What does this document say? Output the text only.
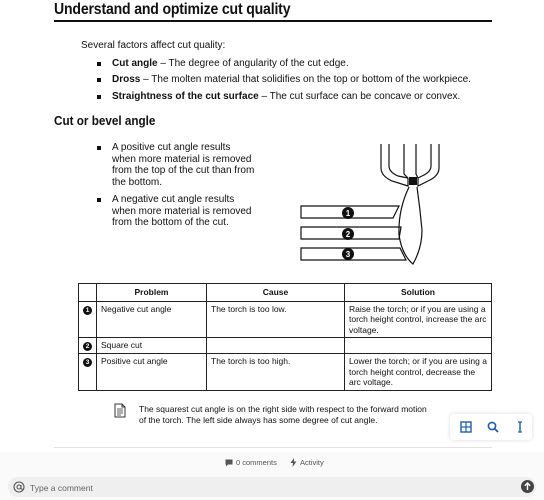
Understand and optimize cut quality
Several factors affect cut quality:
Cut angle – The degree of angularity of the cut edge.
Dross – The molten material that solidifies on the top or bottom of the workpiece.
Straightness of the cut surface – The cut surface can be concave or convex.
Cut or bevel angle
A positive cut angle results when more material is removed from the top of the cut than from the bottom.
A negative cut angle results when more material is removed from the bottom of the cut.
1
2
3
	Problem	Cause	Solution
1	Negative cut angle	The torch is too low.	Raise the torch; or if you are using a torch height control, increase the arc voltage.
2	Square cut		
3	Positive cut angle	The torch is too high.	Lower the torch; or if you are using a torch height control, decrease the arc voltage.
The squarest cut angle is on the right side with respect to the forward motion of the torch. The left side always has some degree of cut angle.
0 comments	Activity
Type a comment
